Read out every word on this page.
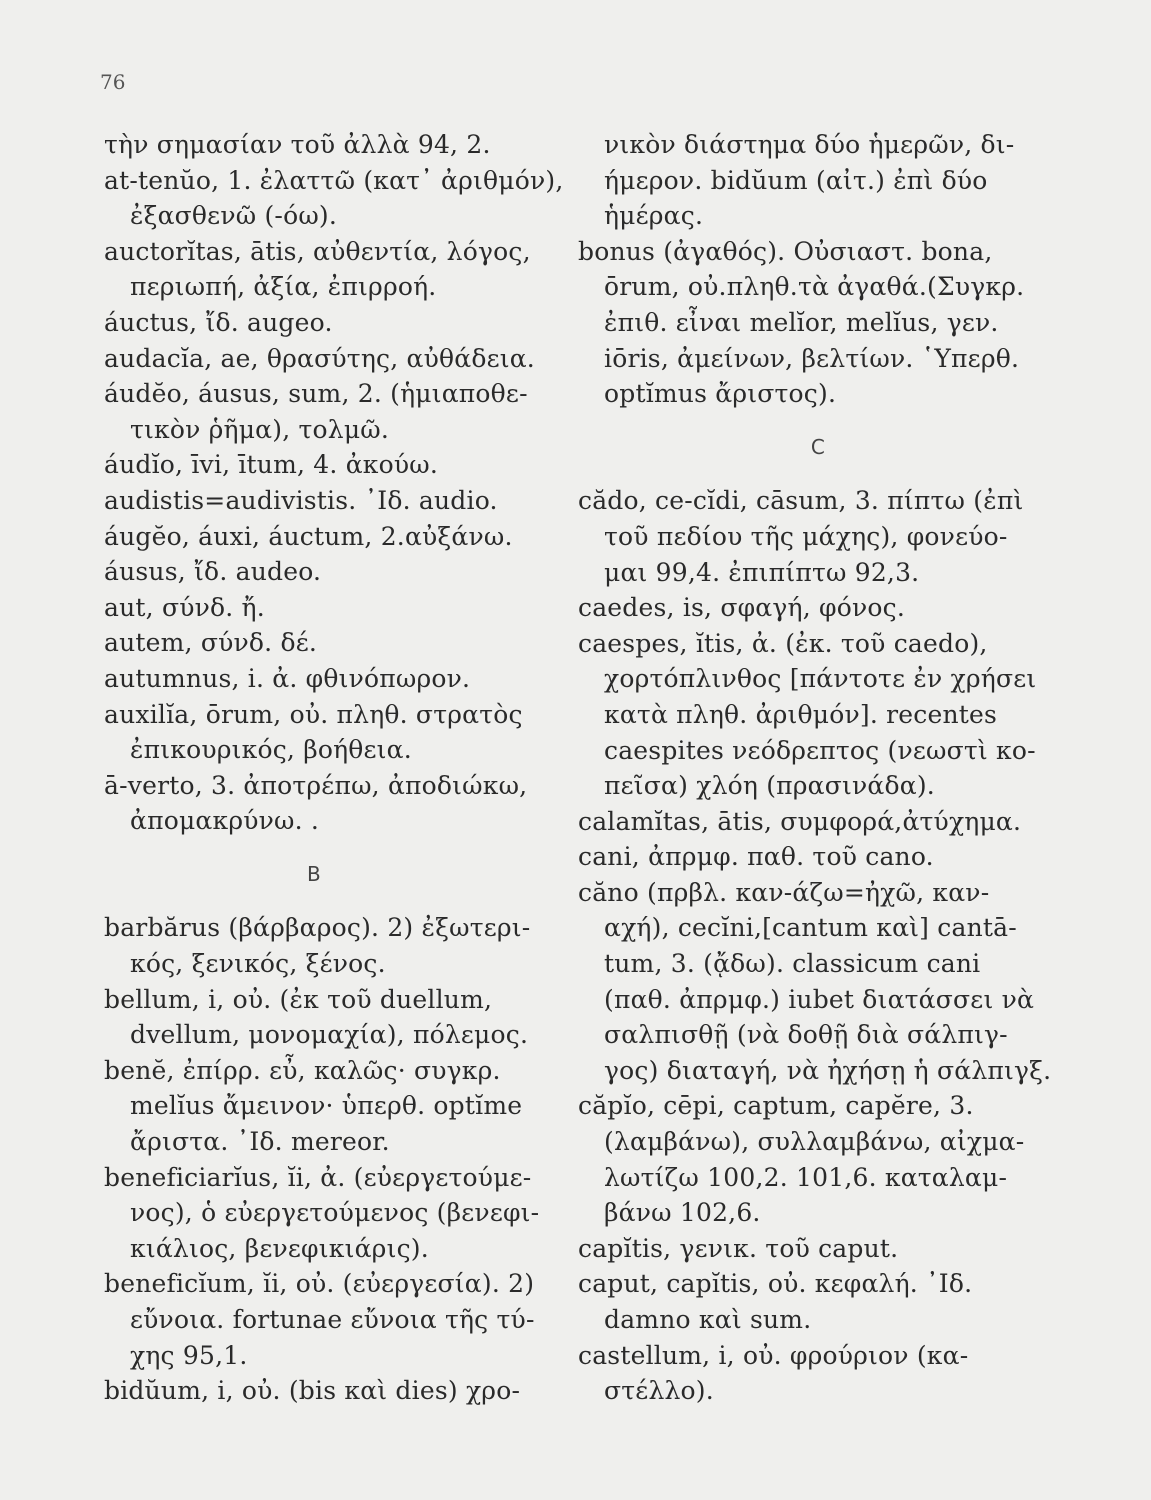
76
τὴν σημασίαν τοῦ ἀλλὰ 94, 2.
at-tenŭo, 1. ἐλαττῶ (κατ᾽ ἀριθμόν),
ἐξασθενῶ (-όω).
auctorĭtas, ātis, αὐθεντία, λόγος,
περιωπή, ἀξία, ἐπιρροή.
áuctus, ἴδ. augeo.
audacĭa, ae, θρασύτης, αὐθάδεια.
áudĕo, áusus, sum, 2. (ἡμιαποθε-
τικὸν ῥῆμα), τολμῶ.
áudĭo, īvi, ītum, 4. ἀκούω.
audistis=audivistis. ᾿Ιδ. audio.
áugĕo, áuxi, áuctum, 2.αὐξάνω.
áusus, ἴδ. audeo.
aut, σύνδ. ἤ.
autem, σύνδ. δέ.
autumnus, i. ἀ. φθινόπωρον.
auxilĭa, ōrum, οὐ. πληθ. στρατὸς
ἐπικουρικός, βοήθεια.
ā-verto, 3. ἀποτρέπω, ἀποδιώκω,
ἀπομακρύνω. .
B
barbărus (βάρβαρος). 2) ἐξωτερι-
κός, ξενικός, ξένος.
bellum, i, οὐ. (ἐκ τοῦ duellum,
dvellum, μονομαχία), πόλεμος.
benĕ, ἐπίρρ. εὖ, καλῶς· συγκρ.
melĭus ἄμεινον· ὑπερθ. optĭme
ἄριστα. ᾿Ιδ. mereor.
beneficiarĭus, ĭi, ἀ. (εὐεργετούμε-
νος), ὁ εὐεργετούμενος (βενεφι-
κιάλιος, βενεφικιάρις).
beneficĭum, ĭi, οὐ. (εὐεργεσία). 2)
εὔνοια. fortunae εὔνοια τῆς τύ-
χης 95,1.
bidŭum, i, οὐ. (bis καὶ dies) χρο-
νικὸν διάστημα δύο ἡμερῶν, δι-
ήμερον. bidŭum (αἰτ.) ἐπὶ δύο
ἡμέρας.
bonus (ἀγαθός). Οὐσιαστ. bona,
ōrum, οὐ.πληθ.τὰ ἀγαθά.(Συγκρ.
ἐπιθ. εἶναι melĭor, melĭus, γεν.
iōris, ἀμείνων, βελτίων. ῾Υπερθ.
optĭmus ἄριστος).
C
cădo, ce-cĭdi, cāsum, 3. πίπτω (ἐπὶ
τοῦ πεδίου τῆς μάχης), φονεύο-
μαι 99,4. ἐπιπίπτω 92,3.
caedes, is, σφαγή, φόνος.
caespes, ĭtis, ἀ. (ἐκ. τοῦ caedo),
χορτόπλινθος [πάντοτε ἐν χρήσει
κατὰ πληθ. ἀριθμόν]. recentes
caespites νεόδρεπτος (νεωστὶ κο-
πεῖσα) χλόη (πρασινάδα).
calamĭtas, ātis, συμφορά,ἀτύχημα.
cani, ἀπρμφ. παθ. τοῦ cano.
căno (πρβλ. καν-άζω=ἠχῶ, καν-
αχή), cecĭni,[cantum καὶ] cantā-
tum, 3. (ᾄδω). classicum cani
(παθ. ἀπρμφ.) iubet διατάσσει νὰ
σαλπισθῇ (νὰ δοθῇ διὰ σάλπιγ-
γος) διαταγή, νὰ ἠχήσῃ ἡ σάλπιγξ.
căpĭo, cēpi, captum, capĕre, 3.
(λαμβάνω), συλλαμβάνω, αἰχμα-
λωτίζω 100,2. 101,6. καταλαμ-
βάνω 102,6.
capĭtis, γενικ. τοῦ caput.
caput, capĭtis, οὐ. κεφαλή. ᾿Ιδ.
damno καὶ sum.
castellum, i, οὐ. φρούριον (κα-
στέλλο).
